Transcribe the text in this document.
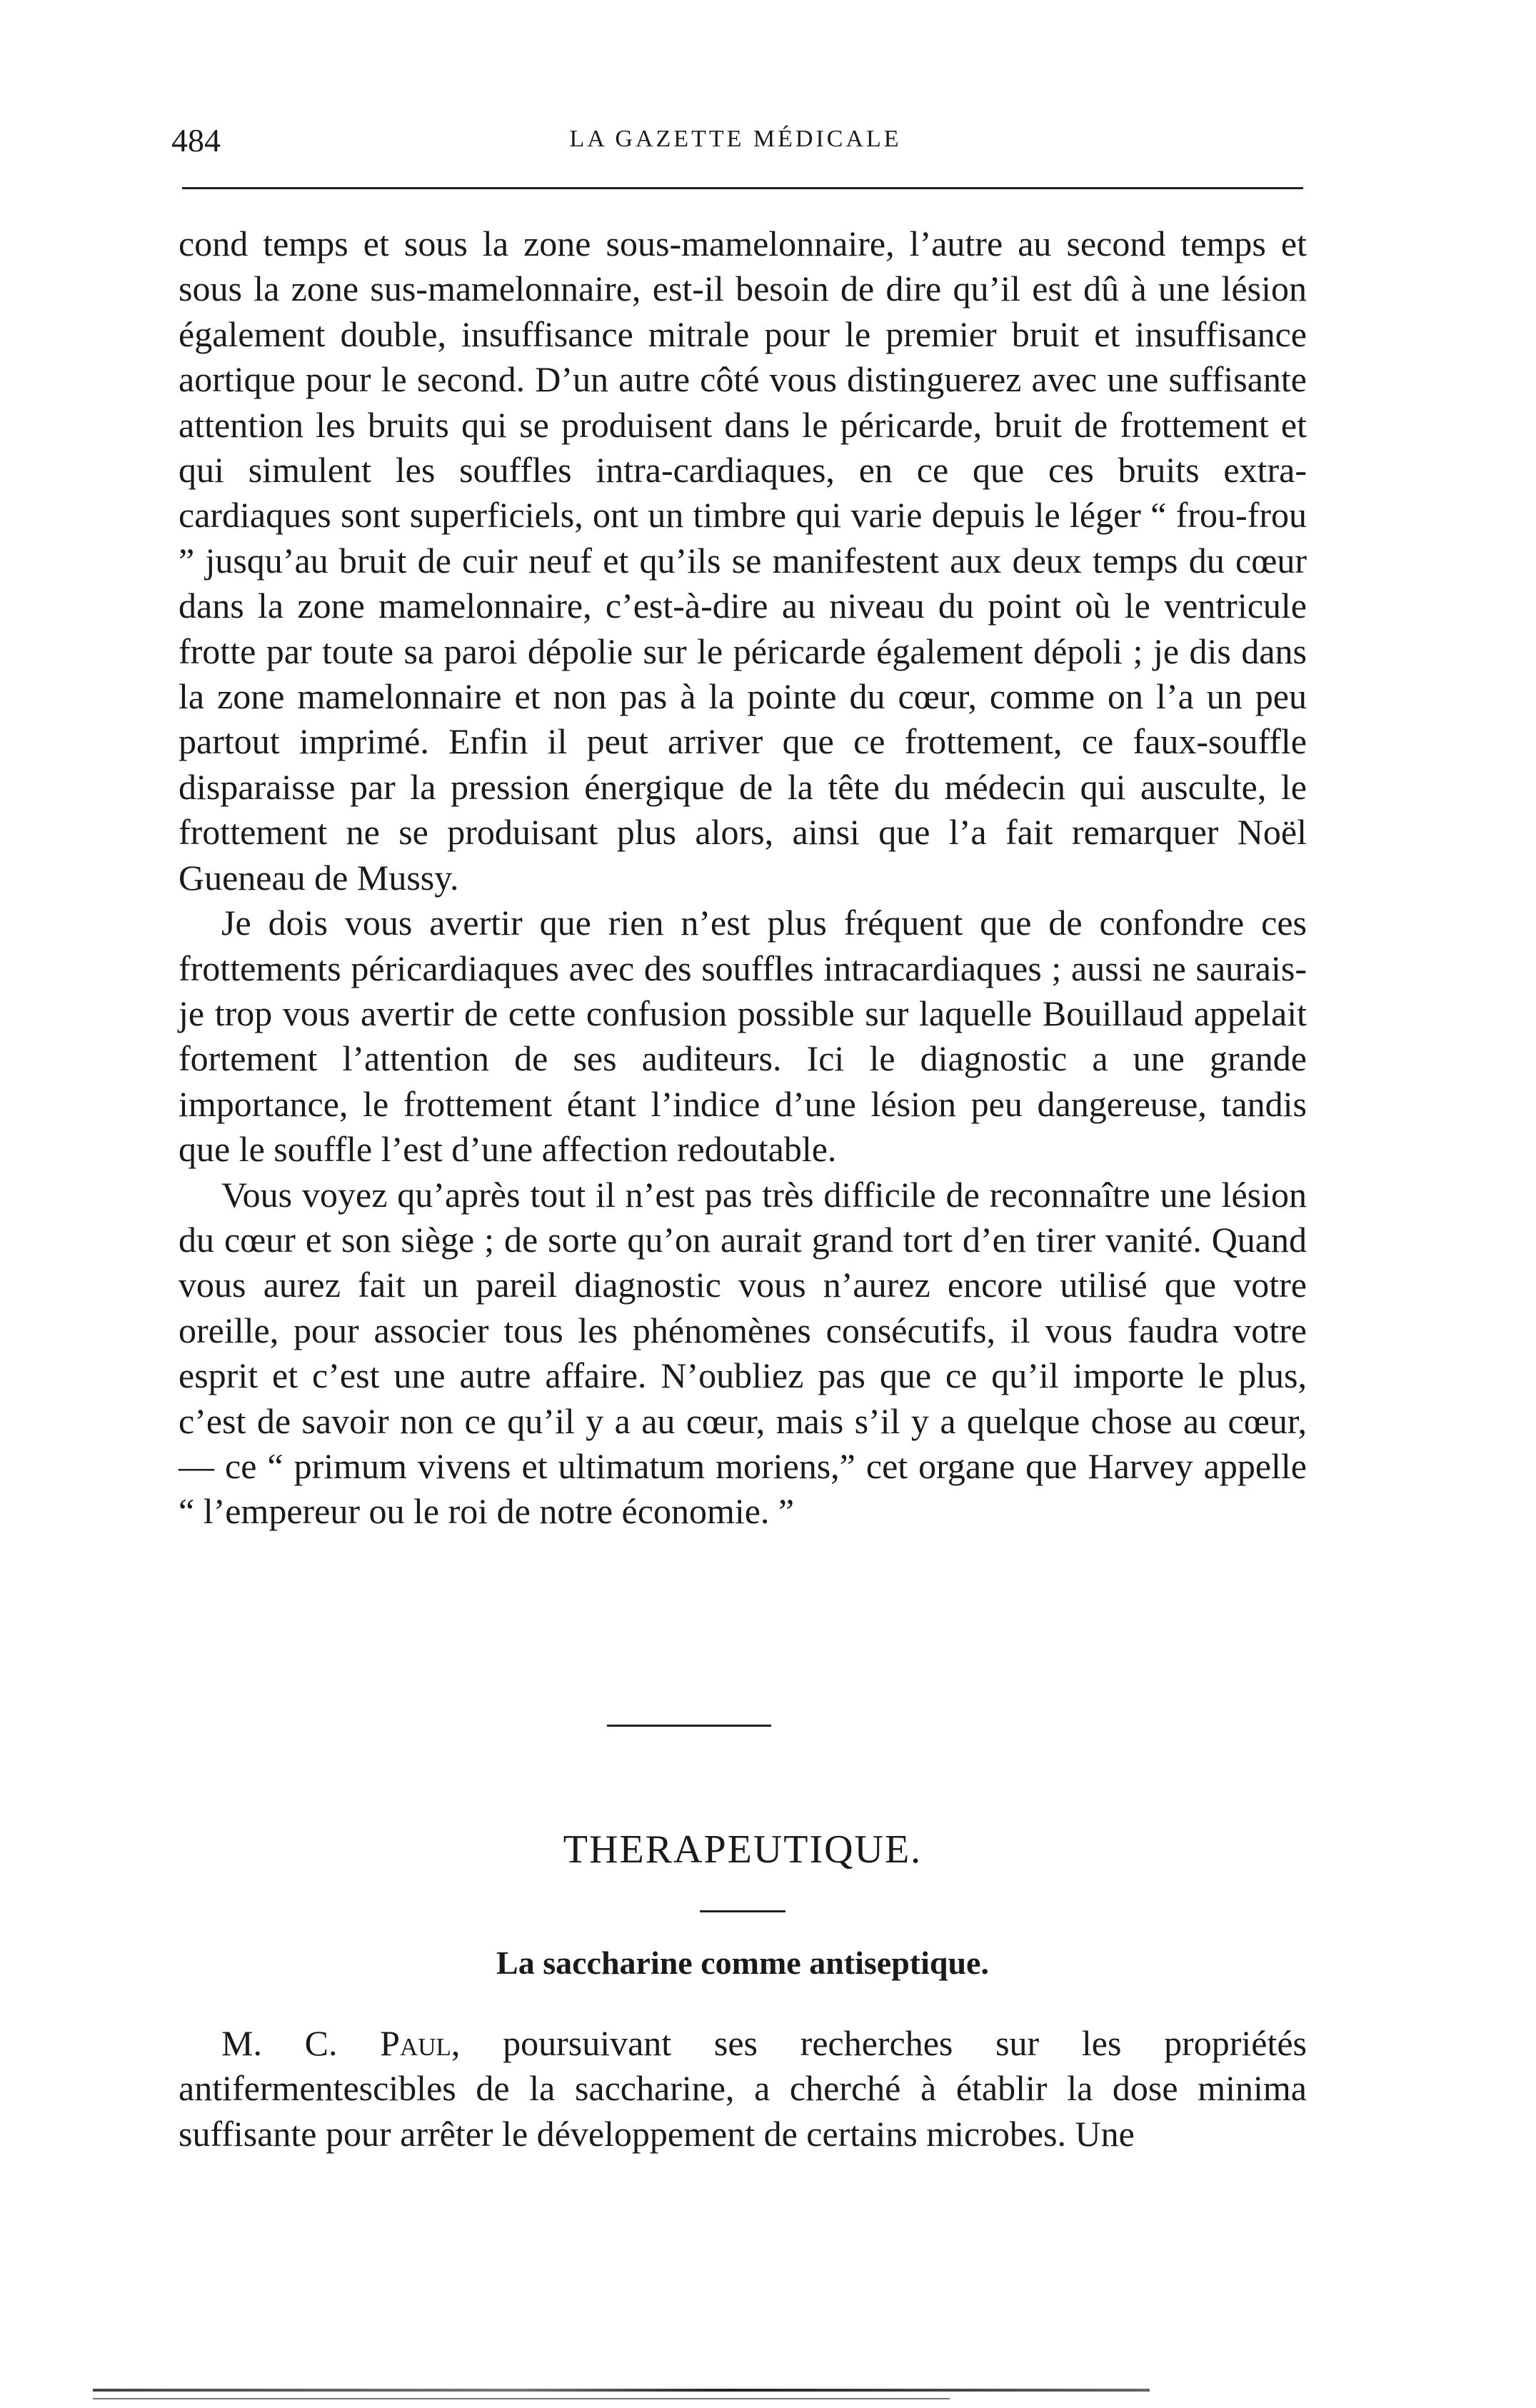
484	LA GAZETTE MÉDICALE

cond temps et sous la zone sous-mamelonnaire, l’autre au second temps et sous la zone sus-mamelonnaire, est-il besoin de dire qu’il est dû à une lésion également double, insuffisance mitrale pour le premier bruit et insuffisance aortique pour le second. D’un autre côté vous distinguerez avec une suffisante attention les bruits qui se produisent dans le péricarde, bruit de frottement et qui simulent les souffles intra-cardiaques, en ce que ces bruits extra-cardiaques sont superficiels, ont un timbre qui varie depuis le léger “ frou-frou ” jusqu’au bruit de cuir neuf et qu’ils se manifestent aux deux temps du cœur dans la zone mamelonnaire, c’est-à-dire au niveau du point où le ventricule frotte par toute sa paroi dépolie sur le péricarde également dépoli ; je dis dans la zone mamelonnaire et non pas à la pointe du cœur, comme on l’a un peu partout imprimé. Enfin il peut arriver que ce frottement, ce faux-souffle disparaisse par la pression énergique de la tête du médecin qui ausculte, le frottement ne se produisant plus alors, ainsi que l’a fait remarquer Noël Gueneau de Mussy.

Je dois vous avertir que rien n’est plus fréquent que de confondre ces frottements péricardiaques avec des souffles intracardiaques ; aussi ne saurais-je trop vous avertir de cette confusion possible sur laquelle Bouillaud appelait fortement l’attention de ses auditeurs. Ici le diagnostic a une grande importance, le frottement étant l’indice d’une lésion peu dangereuse, tandis que le souffle l’est d’une affection redoutable.

Vous voyez qu’après tout il n’est pas très difficile de reconnaître une lésion du cœur et son siège ; de sorte qu’on aurait grand tort d’en tirer vanité. Quand vous aurez fait un pareil diagnostic vous n’aurez encore utilisé que votre oreille, pour associer tous les phénomènes consécutifs, il vous faudra votre esprit et c’est une autre affaire. N’oubliez pas que ce qu’il importe le plus, c’est de savoir non ce qu’il y a au cœur, mais s’il y a quelque chose au cœur, — ce “ primum vivens et ultimatum moriens,” cet organe que Harvey appelle “ l’empereur ou le roi de notre économie. ”

THERAPEUTIQUE.
La saccharine comme antiseptique.

M. C. Paul, poursuivant ses recherches sur les propriétés antifermentescibles de la saccharine, a cherché à établir la dose minima suffisante pour arrêter le développement de certains microbes. Une
